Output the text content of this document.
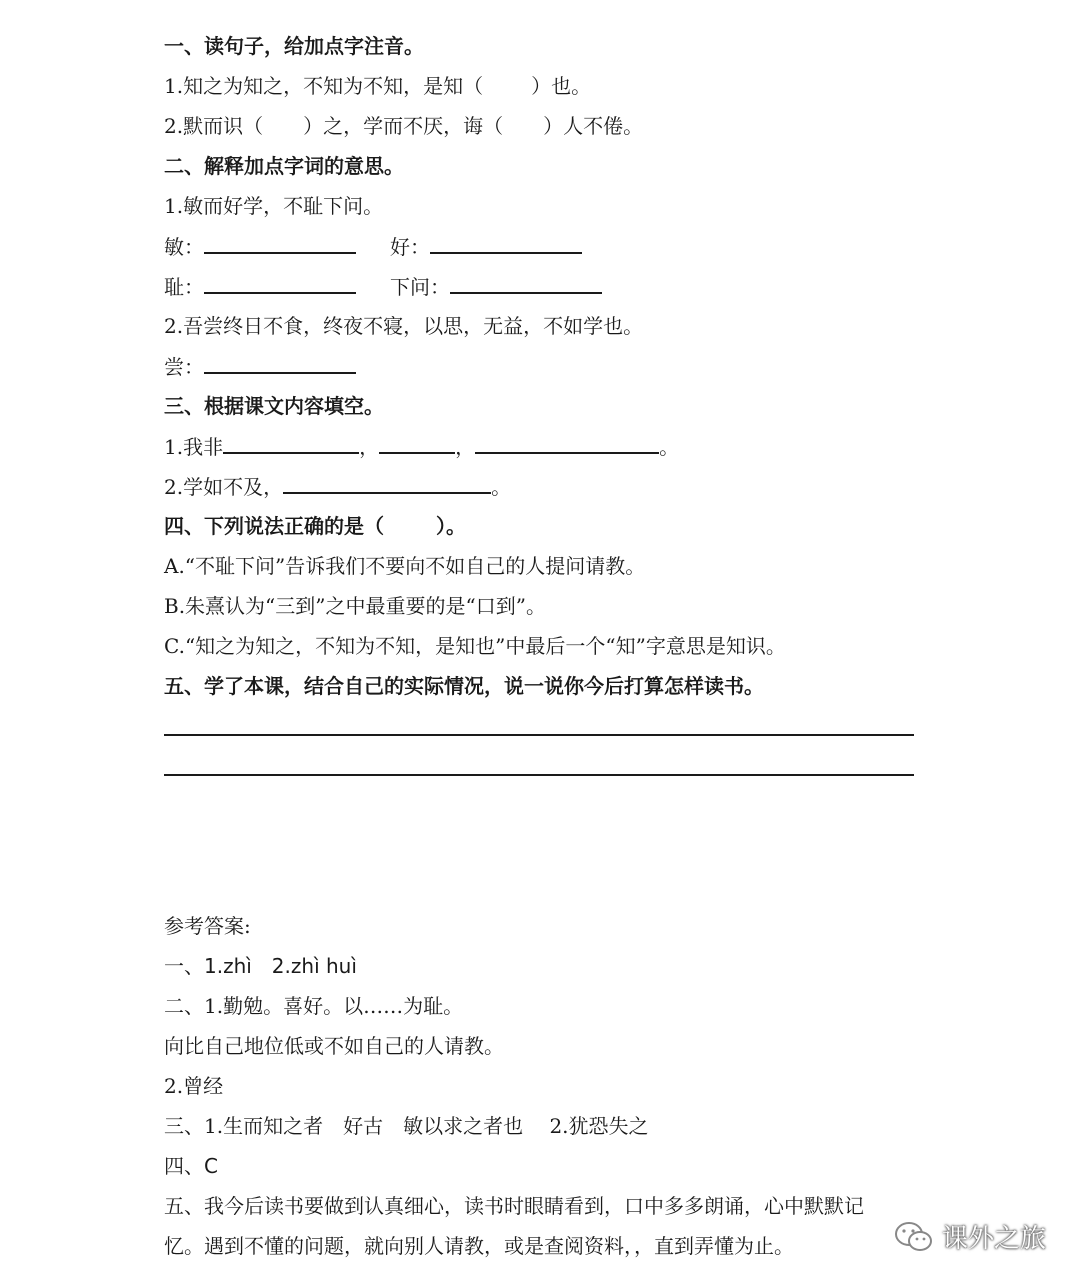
一、读句子，给加点字注音。
1.知之为知之，不知为不知，是知（ ）也。
2.默而识（ ）之，学而不厌，诲（ ）人不倦。
二、解释加点字词的意思。
1.敏而好学，不耻下问。
敏：	好：
耻：	下问：
2.吾尝终日不食，终夜不寝，以思，无益，不如学也。
尝：
三、根据课文内容填空。
1.我非	，	，	。
2.学如不及，	。
四、下列说法正确的是（	）。
A.“不耻下问”告诉我们不要向不如自己的人提问请教。
B.朱熹认为“三到”之中最重要的是“口到”。
C.“知之为知之，不知为不知，是知也”中最后一个“知”字意思是知识。
五、学了本课，结合自己的实际情况，说一说你今后打算怎样读书。
参考答案:
一、1.zhì　2.zhì huì
二、1.勤勉。喜好。以……为耻。
向比自己地位低或不如自己的人请教。
2.曾经
三、1.生而知之者　好古　敏以求之者也　 2.犹恐失之
四、C
五、我今后读书要做到认真细心，读书时眼睛看到，口中多多朗诵，心中默默记
忆。遇到不懂的问题，就向别人请教，或是查阅资料，，直到弄懂为止。	课外之旅
